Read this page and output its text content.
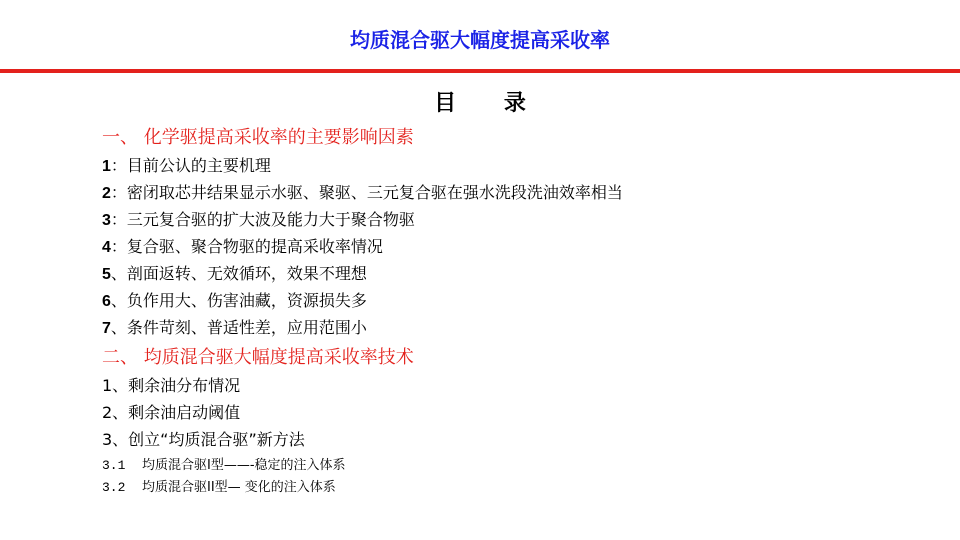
均质混合驱大幅度提高采收率
目 录
一、 化学驱提高采收率的主要影响因素
1：目前公认的主要机理
2：密闭取芯井结果显示水驱、聚驱、三元复合驱在强水洗段洗油效率相当
3：三元复合驱的扩大波及能力大于聚合物驱
4：复合驱、聚合物驱的提高采收率情况
5、剖面返转、无效循环，效果不理想
6、负作用大、伤害油藏，资源损失多
7、条件苛刻、普适性差，应用范围小
二、 均质混合驱大幅度提高采收率技术
1、剩余油分布情况
2、剩余油启动阈值
3、创立“均质混合驱”新方法
3.1 均质混合驱I型——-稳定的注入体系
3.2 均质混合驱II型— 变化的注入体系
